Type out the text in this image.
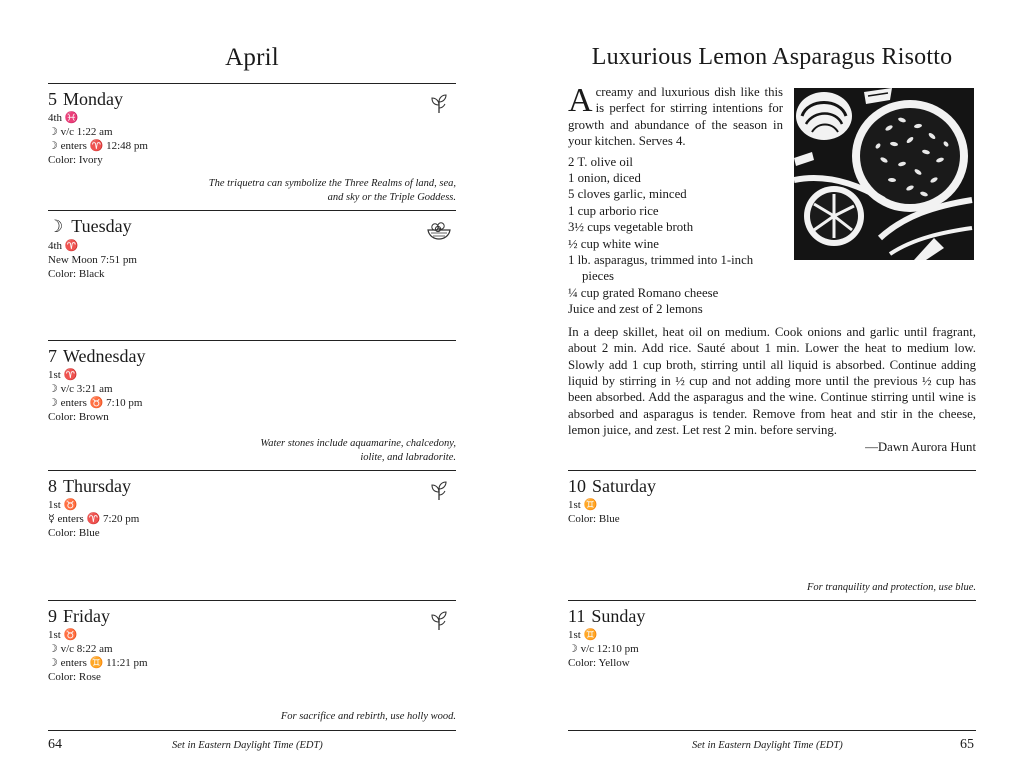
April
5 Monday
4th ♓
☽ v/c 1:22 am
☽ enters ♈ 12:48 pm
Color: Ivory
The triquetra can symbolize the Three Realms of land, sea, and sky or the Triple Goddess.
☽ Tuesday
4th ♈
New Moon 7:51 pm
Color: Black
7 Wednesday
1st ♈
☽ v/c 3:21 am
☽ enters ♉ 7:10 pm
Color: Brown
Water stones include aquamarine, chalcedony, iolite, and labradorite.
8 Thursday
1st ♉
☿ enters ♈ 7:20 pm
Color: Blue
9 Friday
1st ♉
☽ v/c 8:22 am
☽ enters ♊ 11:21 pm
Color: Rose
For sacrifice and rebirth, use holly wood.
64	Set in Eastern Daylight Time (EDT)
Luxurious Lemon Asparagus Risotto
A creamy and luxurious dish like this is perfect for stirring intentions for growth and abundance of the season in your kitchen. Serves 4.
2 T. olive oil
1 onion, diced
5 cloves garlic, minced
1 cup arborio rice
3½ cups vegetable broth
½ cup white wine
1 lb. asparagus, trimmed into 1-inch
pieces
¼ cup grated Romano cheese
Juice and zest of 2 lemons
In a deep skillet, heat oil on medium. Cook onions and garlic until fragrant, about 2 min. Add rice. Sauté about 1 min. Lower the heat to medium low. Slowly add 1 cup broth, stirring until all liquid is absorbed. Continue adding liquid by stirring in ½ cup and not adding more until the previous ½ cup has been absorbed. Add the asparagus and the wine. Continue stirring until wine is absorbed and asparagus is tender. Remove from heat and stir in the cheese, lemon juice, and zest. Let rest 2 min. before serving.
—Dawn Aurora Hunt
10 Saturday
1st ♊
Color: Blue
For tranquility and protection, use blue.
11 Sunday
1st ♊
☽ v/c 12:10 pm
Color: Yellow
Set in Eastern Daylight Time (EDT)	65
